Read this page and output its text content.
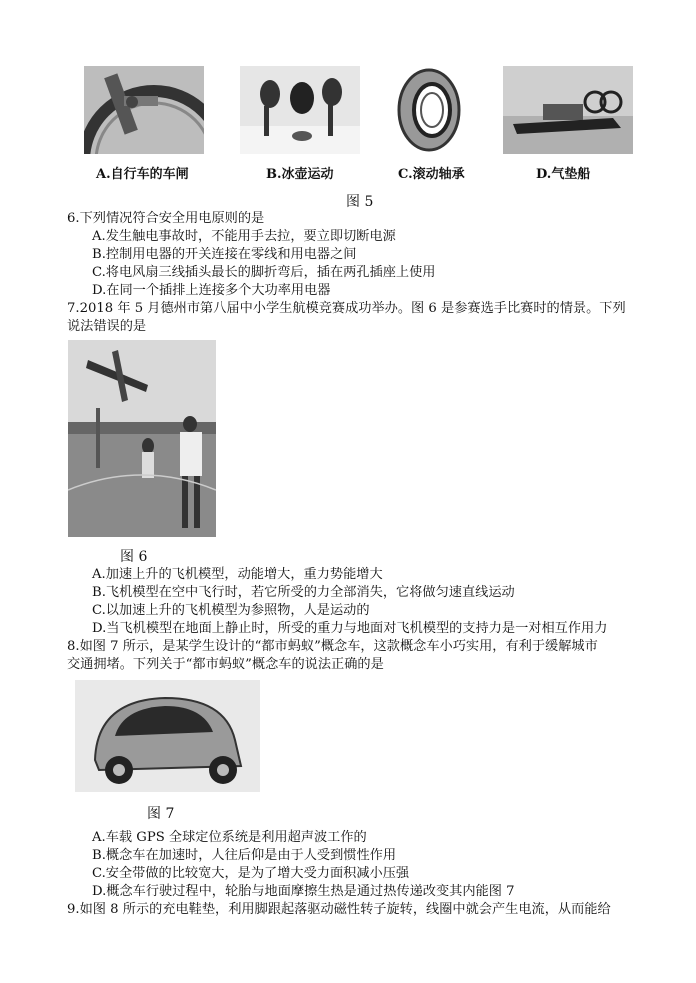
A.自行车的车闸	B.冰壶运动	C.滚动轴承	D.气垫船
图 5
6.下列情况符合安全用电原则的是
A.发生触电事故时，不能用手去拉，要立即切断电源
B.控制用电器的开关连接在零线和用电器之间
C.将电风扇三线插头最长的脚折弯后，插在两孔插座上使用
D.在同一个插排上连接多个大功率用电器
7.2018 年 5 月德州市第八届中小学生航模竞赛成功举办。图 6 是参赛选手比赛时的情景。下列
说法错误的是
图 6
A.加速上升的飞机模型，动能增大，重力势能增大
B.飞机模型在空中飞行时，若它所受的力全部消失，它将做匀速直线运动
C.以加速上升的飞机模型为参照物，人是运动的
D.当飞机模型在地面上静止时，所受的重力与地面对飞机模型的支持力是一对相互作用力
8.如图 7 所示，是某学生设计的“都市蚂蚁”概念车，这款概念车小巧实用，有利于缓解城市
交通拥堵。下列关于“都市蚂蚁”概念车的说法正确的是
图 7
A.车载 GPS 全球定位系统是利用超声波工作的
B.概念车在加速时，人往后仰是由于人受到惯性作用
C.安全带做的比较宽大，是为了增大受力面积减小压强
D.概念车行驶过程中，轮胎与地面摩擦生热是通过热传递改变其内能图 7
9.如图 8 所示的充电鞋垫，利用脚跟起落驱动磁性转子旋转，线圈中就会产生电流，从而能给
